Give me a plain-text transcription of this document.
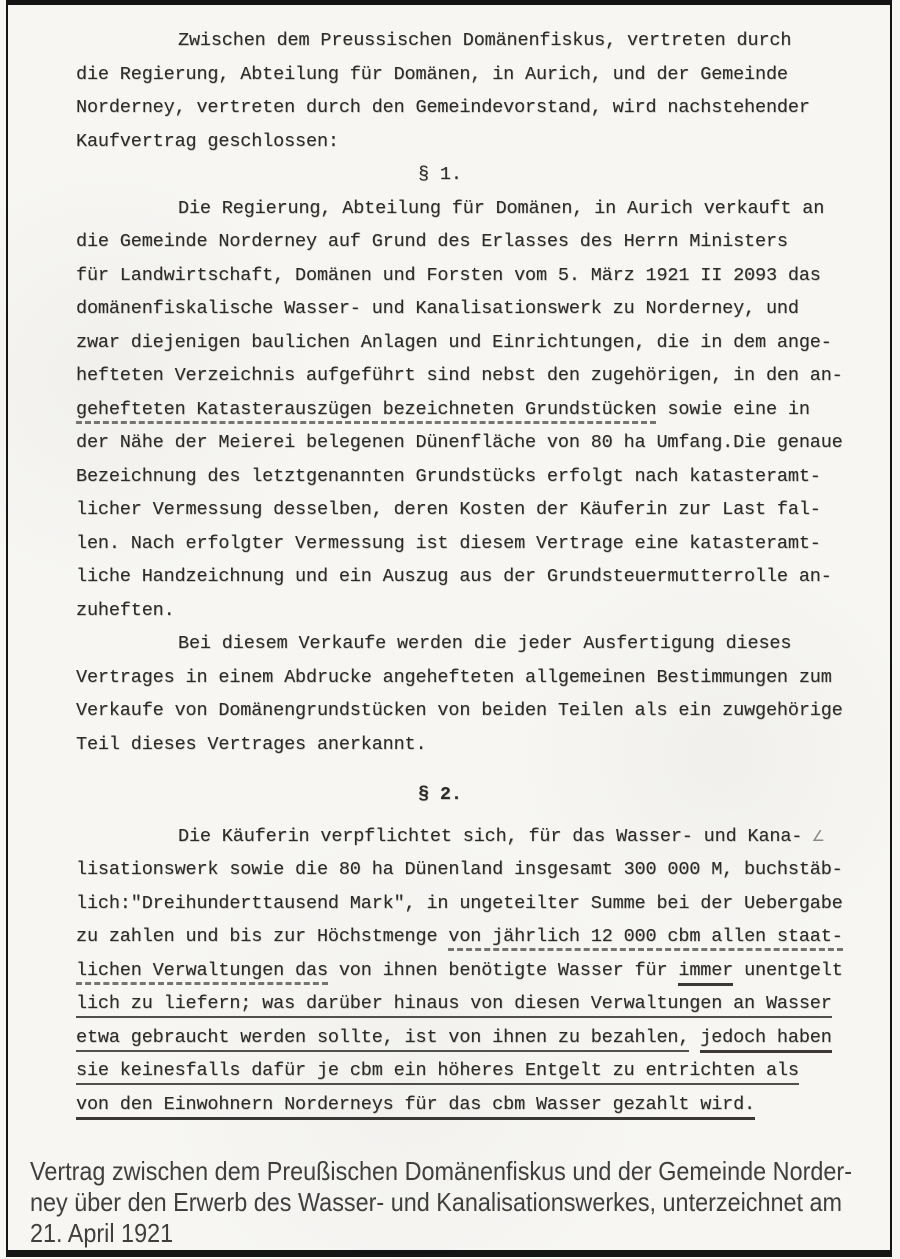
Zwischen dem Preussischen Domänenfiskus, vertreten durch
die Regierung, Abteilung für Domänen, in Aurich, und der Gemeinde
Norderney, vertreten durch den Gemeindevorstand, wird nachstehender
Kaufvertrag geschlossen:
§ 1.
Die Regierung, Abteilung für Domänen, in Aurich verkauft an
die Gemeinde Norderney auf Grund des Erlasses des Herrn Ministers
für Landwirtschaft, Domänen und Forsten vom 5. März 1921 II 2093 das
domänenfiskalische Wasser- und Kanalisationswerk zu Norderney, und
zwar diejenigen baulichen Anlagen und Einrichtungen, die in dem ange-
hefteten Verzeichnis aufgeführt sind nebst den zugehörigen, in den an-
gehefteten Katasterauszügen bezeichneten Grundstücken sowie eine in
der Nähe der Meierei belegenen Dünenfläche von 80 ha Umfang.Die genaue
Bezeichnung des letztgenannten Grundstücks erfolgt nach katasteramt-
licher Vermessung desselben, deren Kosten der Käuferin zur Last fal-
len. Nach erfolgter Vermessung ist diesem Vertrage eine katasteramt-
liche Handzeichnung und ein Auszug aus der Grundsteuermutterrolle an-
zuheften.
Bei diesem Verkaufe werden die jeder Ausfertigung dieses
Vertrages in einem Abdrucke angehefteten allgemeinen Bestimmungen zum
Verkaufe von Domänengrundstücken von beiden Teilen als ein zuwgehörige
Teil dieses Vertrages anerkannt.
§ 2.
Die Käuferin verpflichtet sich, für das Wasser- und Kana-  ∠
lisationswerk sowie die 80 ha Dünenland insgesamt 300 000 M, buchstäb-
lich:"Dreihunderttausend Mark", in ungeteilter Summe bei der Uebergabe
zu zahlen und bis zur Höchstmenge von jährlich 12 000 cbm allen staat-
lichen Verwaltungen das von ihnen benötigte Wasser für immer unentgelt
lich zu liefern; was darüber hinaus von diesen Verwaltungen an Wasser
etwa gebraucht werden sollte, ist von ihnen zu bezahlen, jedoch haben
sie keinesfalls dafür je cbm ein höheres Entgelt zu entrichten als
von den Einwohnern Norderneys für das cbm Wasser gezahlt wird.
Vertrag zwischen dem Preußischen Domänenfiskus und der Gemeinde Norder-
ney über den Erwerb des Wasser- und Kanalisationswerkes, unterzeichnet am
21. April 1921
